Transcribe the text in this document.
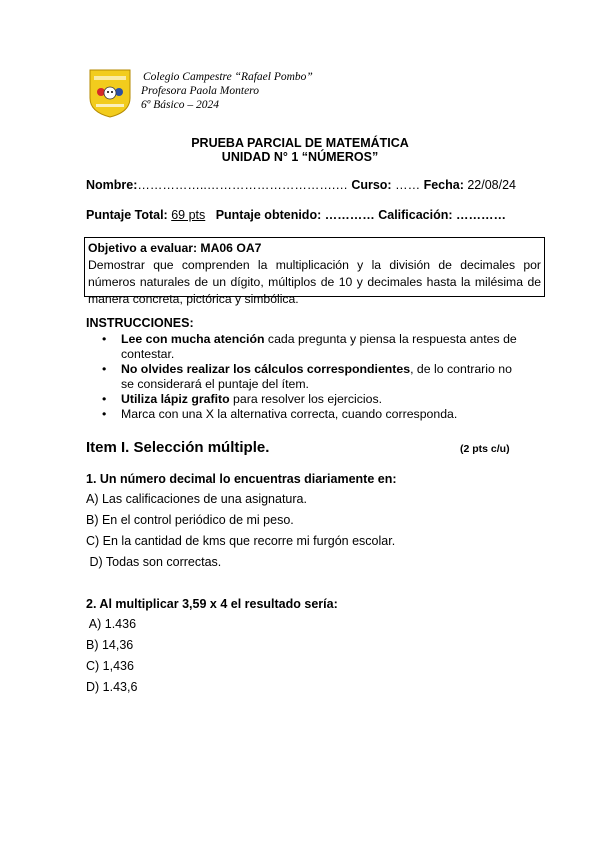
Colegio Campestre “Rafael Pombo”
Profesora Paola Montero
6º Básico – 2024
PRUEBA PARCIAL DE MATEMÁTICA
UNIDAD N° 1 “NÚMEROS”
Nombre:……………..………………………….… Curso: …… Fecha: 22/08/24
Puntaje Total: 69 pts Puntaje obtenido: ………… Calificación: …………
Objetivo a evaluar: MA06 OA7
Demostrar que comprenden la multiplicación y la división de decimales por números naturales de un dígito, múltiplos de 10 y decimales hasta la milésima de manera concreta, pictórica y simbólica.
INSTRUCCIONES:
• Lee con mucha atención cada pregunta y piensa la respuesta antes de contestar.
• No olvides realizar los cálculos correspondientes, de lo contrario no se considerará el puntaje del ítem.
• Utiliza lápiz grafito para resolver los ejercicios.
• Marca con una X la alternativa correcta, cuando corresponda.
Item I. Selección múltiple.	(2 pts c/u)
1. Un número decimal lo encuentras diariamente en:
A) Las calificaciones de una asignatura.
B) En el control periódico de mi peso.
C) En la cantidad de kms que recorre mi furgón escolar.
D) Todas son correctas.
2. Al multiplicar 3,59 x 4 el resultado sería:
A) 1.436
B) 14,36
C) 1,436
D) 1.43,6
